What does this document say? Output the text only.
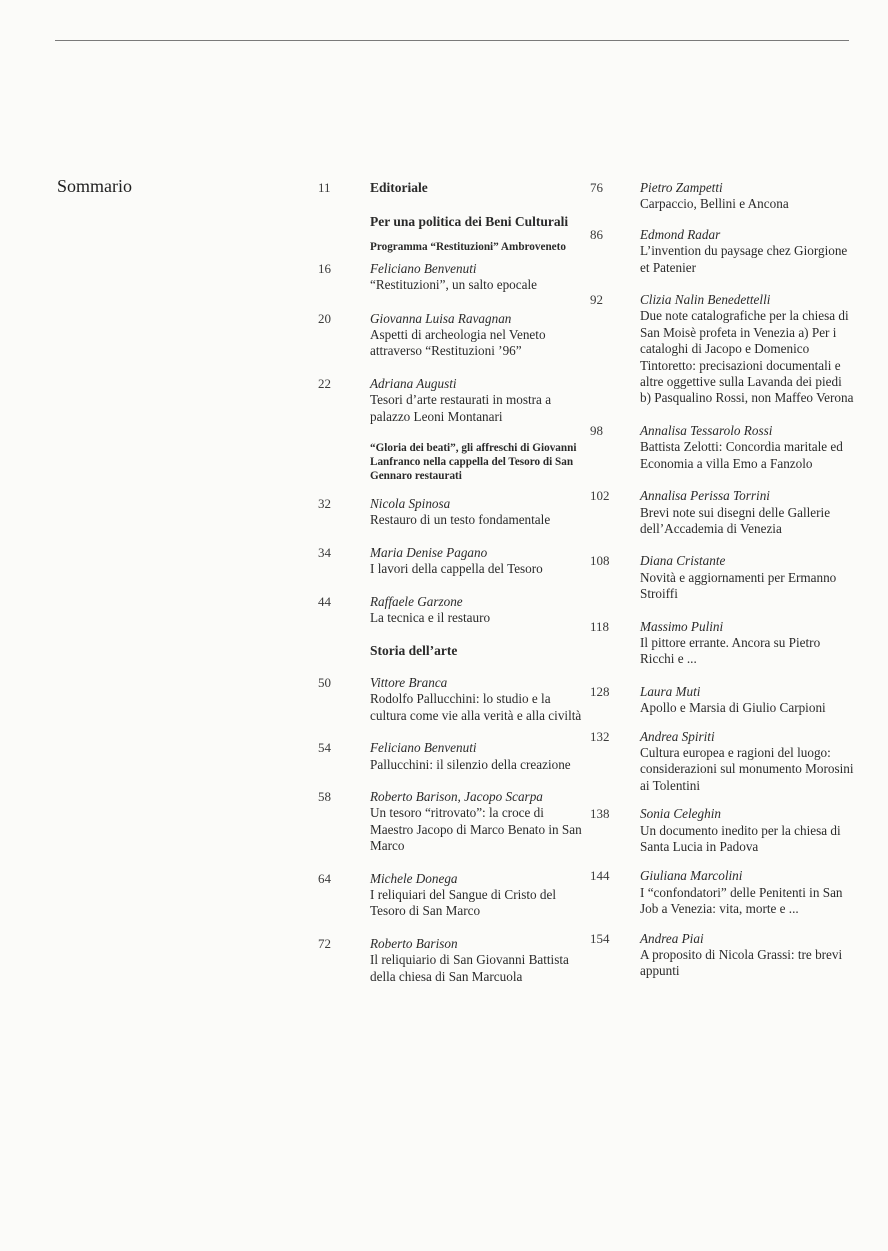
Sommario	11	Editoriale
Per una politica dei Beni Culturali
Programma “Restituzioni” Ambroveneto
16	Feliciano Benvenuti
“Restituzioni”, un salto epocale
20	Giovanna Luisa Ravagnan
Aspetti di archeologia nel Veneto attraverso “Restituzioni ’96”
22	Adriana Augusti
Tesori d’arte restaurati in mostra a palazzo Leoni Montanari
“Gloria dei beati”, gli affreschi di Giovanni Lanfranco nella cappella del Tesoro di San Gennaro restaurati
32	Nicola Spinosa
Restauro di un testo fondamentale
34	Maria Denise Pagano
I lavori della cappella del Tesoro
44	Raffaele Garzone
La tecnica e il restauro
Storia dell’arte
50	Vittore Branca
Rodolfo Pallucchini: lo studio e la cultura come vie alla verità e alla civiltà
54	Feliciano Benvenuti
Pallucchini: il silenzio della creazione
58	Roberto Barison, Jacopo Scarpa
Un tesoro “ritrovato”: la croce di Maestro Jacopo di Marco Benato in San Marco
64	Michele Donega
I reliquiari del Sangue di Cristo del Tesoro di San Marco
72	Roberto Barison
Il reliquiario di San Giovanni Battista della chiesa di San Marcuola
76	Pietro Zampetti
Carpaccio, Bellini e Ancona
86	Edmond Radar
L’invention du paysage chez Giorgione et Patenier
92	Clizia Nalin Benedettelli
Due note catalografiche per la chiesa di San Moisè profeta in Venezia a) Per i cataloghi di Jacopo e Domenico Tintoretto: precisazioni documentali e altre oggettive sulla Lavanda dei piedi b) Pasqualino Rossi, non Maffeo Verona
98	Annalisa Tessarolo Rossi
Battista Zelotti: Concordia maritale ed Economia a villa Emo a Fanzolo
102 Annalisa Perissa Torrini
Brevi note sui disegni delle Gallerie dell’Accademia di Venezia
108 Diana Cristante
Novità e aggiornamenti per Ermanno Stroiffi
118 Massimo Pulini
Il pittore errante. Ancora su Pietro Ricchi e ...
128 Laura Muti
Apollo e Marsia di Giulio Carpioni
132 Andrea Spiriti
Cultura europea e ragioni del luogo: considerazioni sul monumento Morosini ai Tolentini
138 Sonia Celeghin
Un documento inedito per la chiesa di Santa Lucia in Padova
144 Giuliana Marcolini
I “confondatori” delle Penitenti in San Job a Venezia: vita, morte e ...
154 Andrea Piai
A proposito di Nicola Grassi: tre brevi appunti
